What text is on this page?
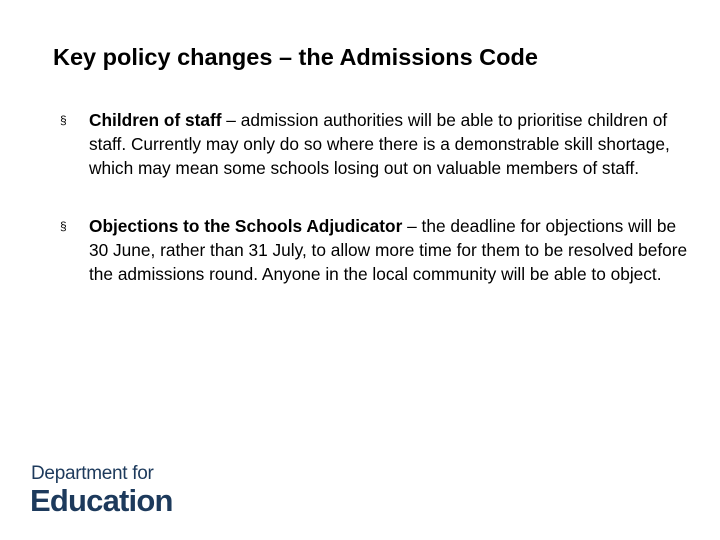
Key policy changes – the Admissions Code
§ Children of staff – admission authorities will be able to prioritise children of staff. Currently may only do so where there is a demonstrable skill shortage, which may mean some schools losing out on valuable members of staff.
§ Objections to the Schools Adjudicator – the deadline for objections will be 30 June, rather than 31 July, to allow more time for them to be resolved before the admissions round. Anyone in the local community will be able to object.
Department for
Education
